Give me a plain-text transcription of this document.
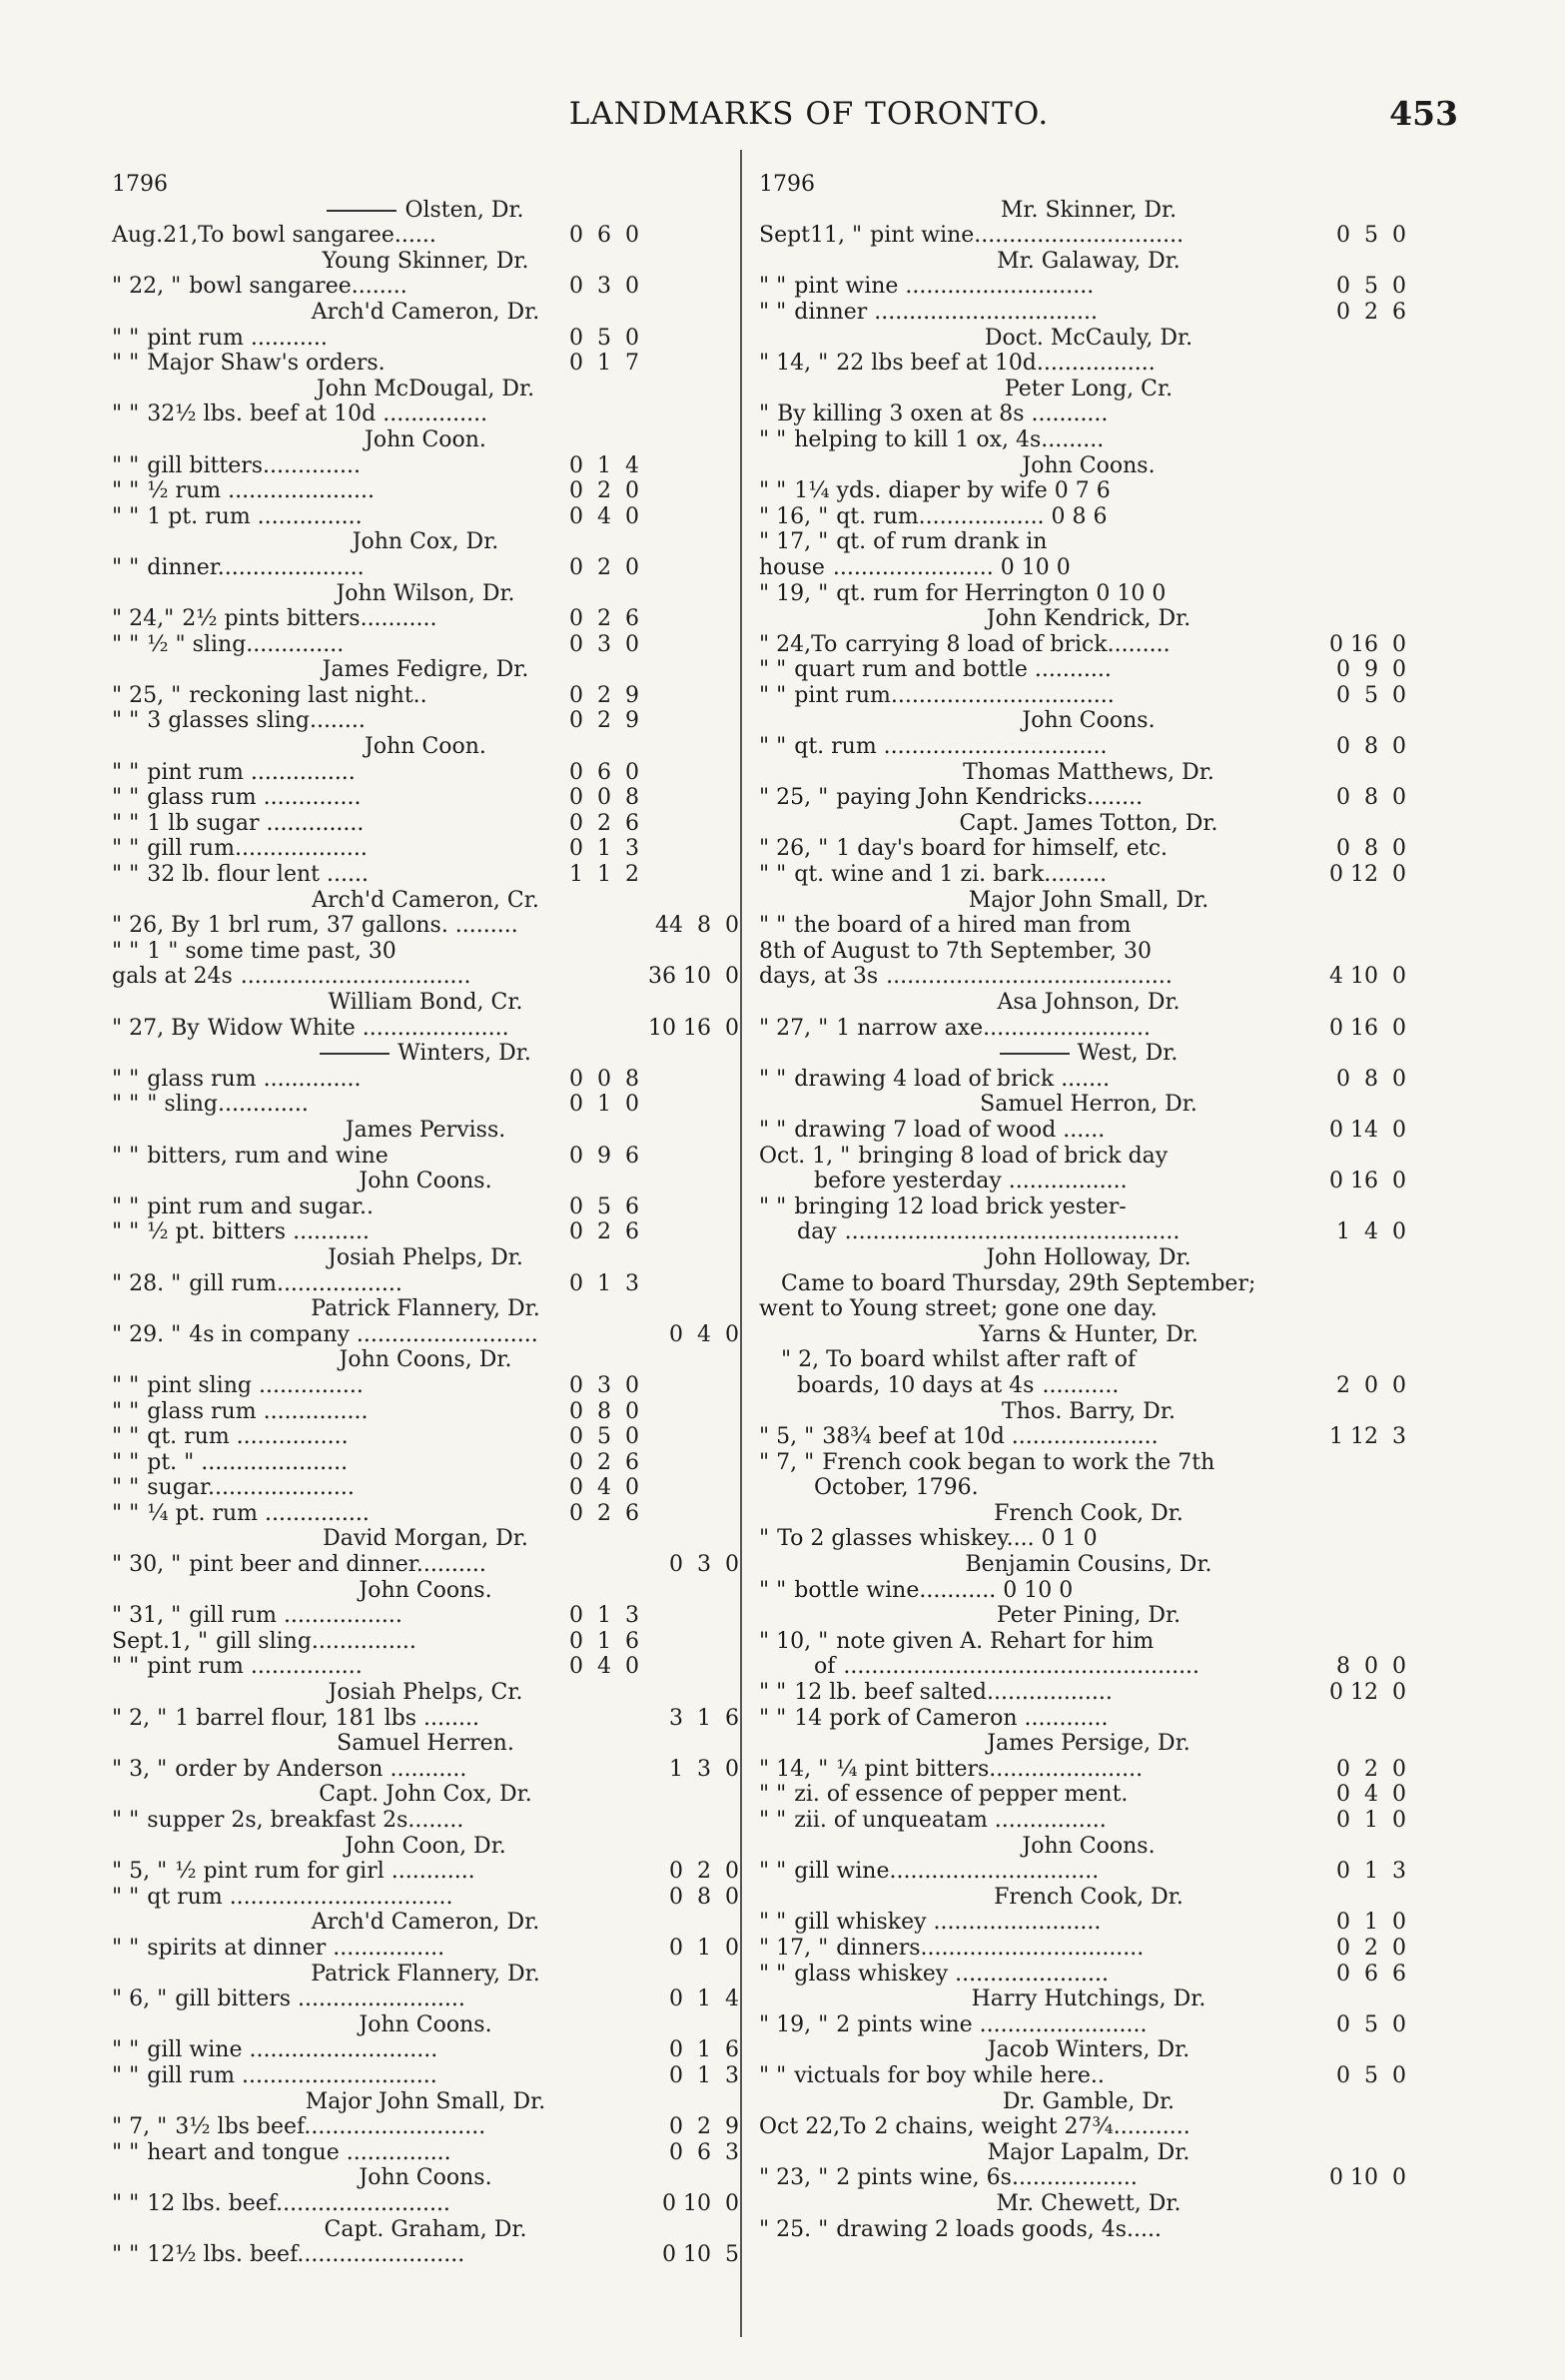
LANDMARKS OF TORONTO.	453
1796
Olsten, Dr.
Aug.21,To bowl sangaree......	0  6  0
Young Skinner, Dr.
" 22, " bowl sangaree........	0  3  0
Arch'd Cameron, Dr.
" " pint rum ...........	0  5  0
" " Major Shaw's orders.	0  1  7
John McDougal, Dr.
" " 32½ lbs. beef at 10d ...............
John Coon.
" " gill bitters..............	0  1  4
" " ½ rum .....................	0  2  0
" " 1 pt. rum ...............	0  4  0
John Cox, Dr.
" " dinner.....................	0  2  0
John Wilson, Dr.
" 24," 2½ pints bitters...........	0  2  6
" " ½ " sling..............	0  3  0
James Fedigre, Dr.
" 25, " reckoning last night..	0  2  9
" " 3 glasses sling........	0  2  9
John Coon.
" " pint rum ...............	0  6  0
" " glass rum ..............	0  0  8
" " 1 lb sugar ..............	0  2  6
" " gill rum...................	0  1  3
" " 32 lb. flour lent ......	1  1  2
Arch'd Cameron, Cr.
" 26, By 1 brl rum, 37 gallons. .........	44  8  0
" " 1 " some time past, 30
gals at 24s.................................	36 10  0
William Bond, Cr.
" 27, By Widow White .....................	10 16  0
Winters, Dr.
" " glass rum ..............	0  0  8
" " " sling.............	0  1  0
James Perviss.
" " bitters, rum and wine	0  9  6
John Coons.
" " pint rum and sugar..	0  5  6
" " ½ pt. bitters ...........	0  2  6
Josiah Phelps, Dr.
" 28. " gill rum..................	0  1  3
Patrick Flannery, Dr.
" 29. " 4s in company ..........................	0  4  0
John Coons, Dr.
" " pint sling ...............	0  3  0
" " glass rum ...............	0  8  0
" " qt. rum ................	0  5  0
" " pt. " .....................	0  2  6
" " sugar.....................	0  4  0
" " ¼ pt. rum ...............	0  2  6
David Morgan, Dr.
" 30, " pint beer and dinner..........	0  3  0
John Coons.
" 31, " gill rum .................	0  1  3
Sept.1, " gill sling...............	0  1  6
" " pint rum ................	0  4  0
Josiah Phelps, Cr.
" 2, " 1 barrel flour, 181 lbs ........	3  1  6
Samuel Herren.
" 3, " order by Anderson ...........	1  3  0
Capt. John Cox, Dr.
" " supper 2s, breakfast 2s........
John Coon, Dr.
" 5, " ½ pint rum for girl ............	0  2  0
" " qt rum ................................	0  8  0
Arch'd Cameron, Dr.
" " spirits at dinner ................	0  1  0
Patrick Flannery, Dr.
" 6, " gill bitters ........................	0  1  4
John Coons.
" " gill wine ...........................	0  1  6
" " gill rum ............................	0  1  3
Major John Small, Dr.
" 7, " 3½ lbs beef..........................	0  2  9
" " heart and tongue ...............	0  6  3
John Coons.
" " 12 lbs. beef.........................	0 10  0
Capt. Graham, Dr.
" " 12½ lbs. beef........................	0 10  5
1796
Mr. Skinner, Dr.
Sept11, " pint wine..............................	0  5  0
Mr. Galaway, Dr.
" " pint wine ...........................	0  5  0
" " dinner ................................	0  2  6
Doct. McCauly, Dr.
" 14, " 22 lbs beef at 10d.................
Peter Long, Cr.
" By killing 3 oxen at 8s ...........
" " helping to kill 1 ox, 4s.........
John Coons.
" " 1¼ yds. diaper by wife 0 7 6
" 16, " qt. rum.................. 0 8 6
" 17, " qt. of rum drank in
house ....................... 0 10 0
" 19, " qt. rum for Herrington 0 10 0
John Kendrick, Dr.
" 24,To carrying 8 load of brick.........	0 16  0
" " quart rum and bottle ...........	0  9  0
" " pint rum................................	0  5  0
John Coons.
" " qt. rum ................................	0  8  0
Thomas Matthews, Dr.
" 25, " paying John Kendricks........	0  8  0
Capt. James Totton, Dr.
" 26, " 1 day's board for himself, etc.	0  8  0
" " qt. wine and 1 zi. bark.........	0 12  0
Major John Small, Dr.
" " the board of a hired man from
8th of August to 7th September, 30
days, at 3s .........................................	4 10  0
Asa Johnson, Dr.
" 27, " 1 narrow axe........................	0 16  0
West, Dr.
" " drawing 4 load of brick .......	0  8  0
Samuel Herron, Dr.
" " drawing 7 load of wood ......	0 14  0
Oct. 1, " bringing 8 load of brick day
before yesterday .................	0 16  0
" " bringing 12 load brick yester-
day ................................................	1  4  0
John Holloway, Dr.
Came to board Thursday, 29th September;
went to Young street; gone one day.
Yarns & Hunter, Dr.
" 2, To board whilst after raft of
boards, 10 days at 4s ...........	2  0  0
Thos. Barry, Dr.
" 5, " 38¾ beef at 10d .....................	1 12  3
" 7, " French cook began to work the 7th
October, 1796.
French Cook, Dr.
" To 2 glasses whiskey.... 0 1 0
Benjamin Cousins, Dr.
" " bottle wine........... 0 10 0
Peter Pining, Dr.
" 10, " note given A. Rehart for him
of ...................................................	8  0  0
" " 12 lb. beef salted..................	0 12  0
" " 14 pork of Cameron ............
James Persige, Dr.
" 14, " ¼ pint bitters......................	0  2  0
" " zi. of essence of pepper ment.	0  4  0
" " zii. of unqueatam ................	0  1  0
John Coons.
" " gill wine..............................	0  1  3
French Cook, Dr.
" " gill whiskey ........................	0  1  0
" 17, " dinners................................	0  2  0
" " glass whiskey ......................	0  6  6
Harry Hutchings, Dr.
" 19, " 2 pints wine ........................	0  5  0
Jacob Winters, Dr.
" " victuals for boy while here..	0  5  0
Dr. Gamble, Dr.
Oct 22,To 2 chains, weight 27¾...........
Major Lapalm, Dr.
" 23, " 2 pints wine, 6s..................	0 10  0
Mr. Chewett, Dr.
" 25. " drawing 2 loads goods, 4s.....
